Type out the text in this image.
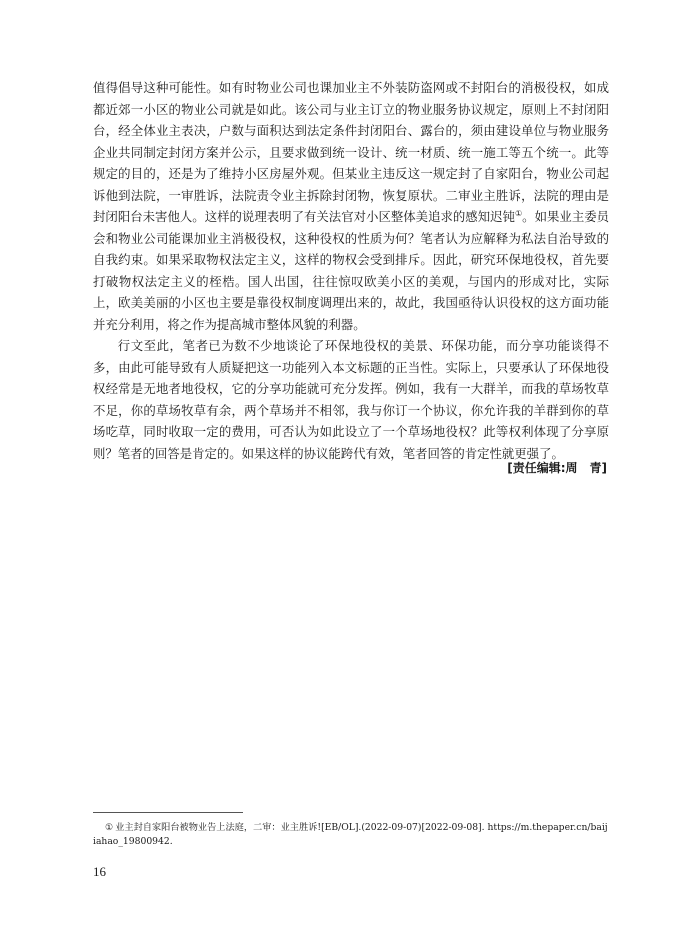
值得倡导这种可能性。如有时物业公司也课加业主不外装防盗网或不封阳台的消极役权，如成都近郊一小区的物业公司就是如此。该公司与业主订立的物业服务协议规定，原则上不封闭阳台，经全体业主表决，户数与面积达到法定条件封闭阳台、露台的，须由建设单位与物业服务企业共同制定封闭方案并公示，且要求做到统一设计、统一材质、统一施工等五个统一。此等规定的目的，还是为了维持小区房屋外观。但某业主违反这一规定封了自家阳台，物业公司起诉他到法院，一审胜诉，法院责令业主拆除封闭物，恢复原状。二审业主胜诉，法院的理由是封闭阳台未害他人。这样的说理表明了有关法官对小区整体美追求的感知迟钝①。如果业主委员会和物业公司能课加业主消极役权，这种役权的性质为何？笔者认为应解释为私法自治导致的自我约束。如果采取物权法定主义，这样的物权会受到排斥。因此，研究环保地役权，首先要打破物权法定主义的桎梏。国人出国，往往惊叹欧美小区的美观，与国内的形成对比，实际上，欧美美丽的小区也主要是靠役权制度调理出来的，故此，我国亟待认识役权的这方面功能并充分利用，将之作为提高城市整体风貌的利器。

行文至此，笔者已为数不少地谈论了环保地役权的美景、环保功能，而分享功能谈得不多，由此可能导致有人质疑把这一功能列入本文标题的正当性。实际上，只要承认了环保地役权经常是无地者地役权，它的分享功能就可充分发挥。例如，我有一大群羊，而我的草场牧草不足，你的草场牧草有余，两个草场并不相邻，我与你订一个协议，你允许我的羊群到你的草场吃草，同时收取一定的费用，可否认为如此设立了一个草场地役权？此等权利体现了分享原则？笔者的回答是肯定的。如果这样的协议能跨代有效，笔者回答的肯定性就更强了。

[责任编辑:周　青]

① 业主封自家阳台被物业告上法庭，二审：业主胜诉![EB/OL].(2022-09-07)[2022-09-08]. https://m.thepaper.cn/baijiahao_19800942.

16
